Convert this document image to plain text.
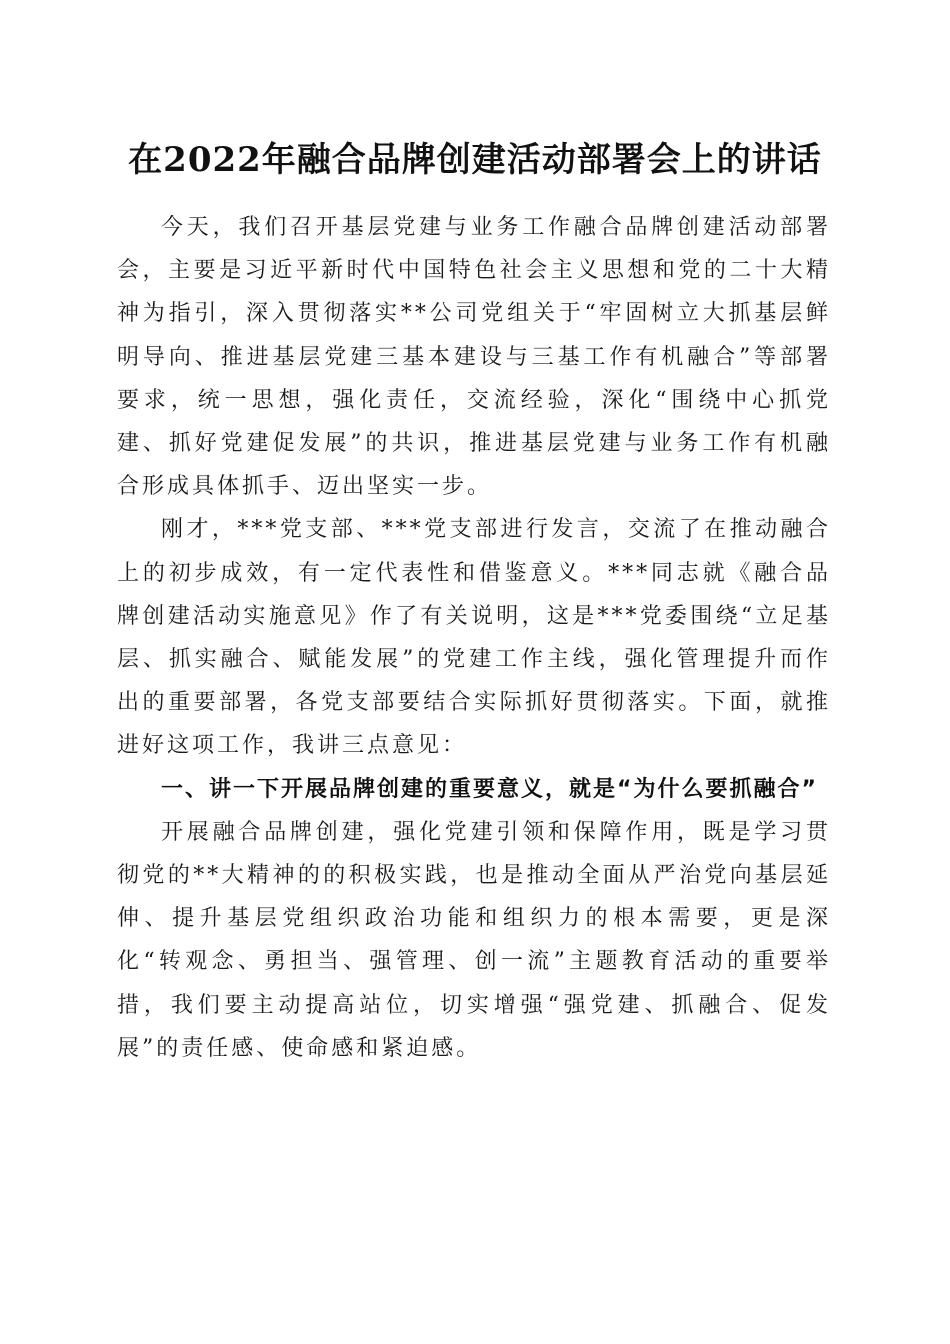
在2022年融合品牌创建活动部署会上的讲话

今天，我们召开基层党建与业务工作融合品牌创建活动部署会，主要是习近平新时代中国特色社会主义思想和党的二十大精神为指引，深入贯彻落实**公司党组关于“牢固树立大抓基层鲜明导向、推进基层党建三基本建设与三基工作有机融合”等部署要求，统一思想，强化责任，交流经验，深化“围绕中心抓党建、抓好党建促发展”的共识，推进基层党建与业务工作有机融合形成具体抓手、迈出坚实一步。

刚才，***党支部、***党支部进行发言，交流了在推动融合上的初步成效，有一定代表性和借鉴意义。***同志就《融合品牌创建活动实施意见》作了有关说明，这是***党委围绕“立足基层、抓实融合、赋能发展”的党建工作主线，强化管理提升而作出的重要部署，各党支部要结合实际抓好贯彻落实。下面，就推进好这项工作，我讲三点意见：

一、讲一下开展品牌创建的重要意义，就是“为什么要抓融合”

开展融合品牌创建，强化党建引领和保障作用，既是学习贯彻党的**大精神的的积极实践，也是推动全面从严治党向基层延伸、提升基层党组织政治功能和组织力的根本需要，更是深化“转观念、勇担当、强管理、创一流”主题教育活动的重要举措，我们要主动提高站位，切实增强“强党建、抓融合、促发展”的责任感、使命感和紧迫感。
